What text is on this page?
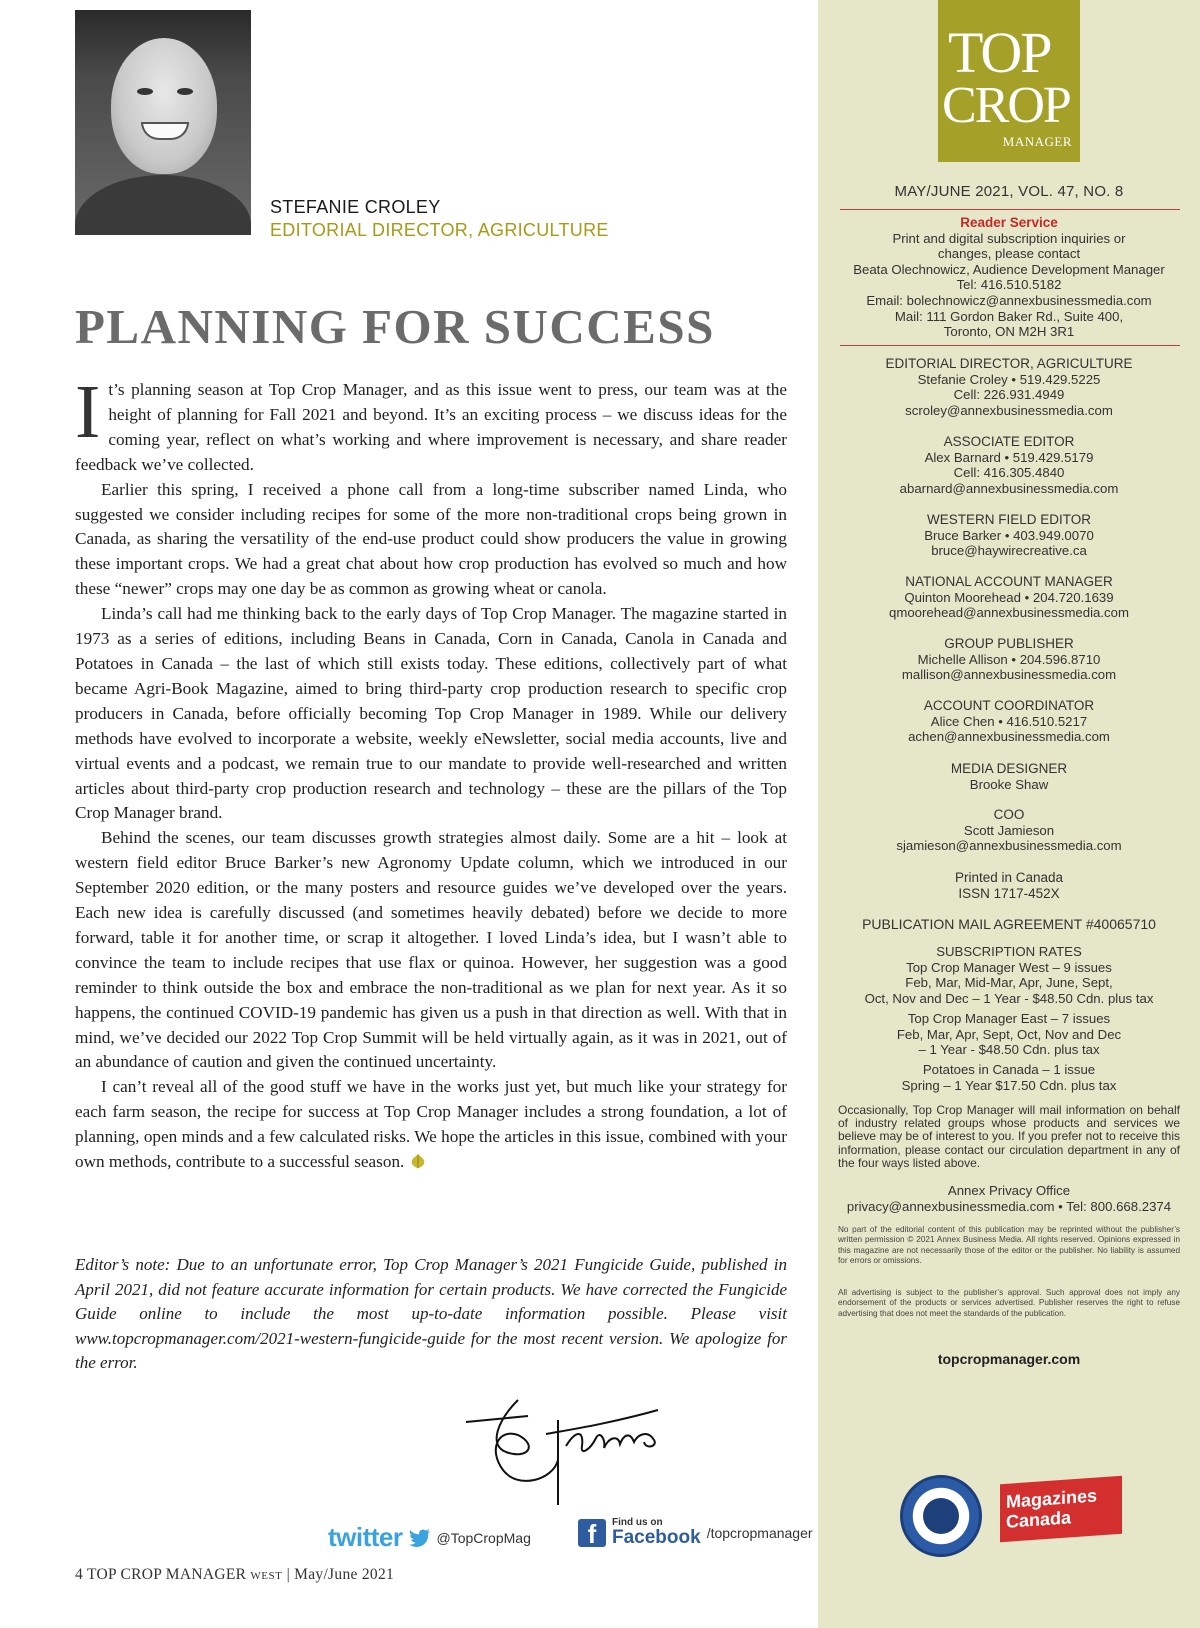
STEFANIE CROLEY
EDITORIAL DIRECTOR, AGRICULTURE
PLANNING FOR SUCCESS

It’s planning season at Top Crop Manager, and as this issue went to press, our team was at the height of planning for Fall 2021 and beyond. It’s an exciting process – we discuss ideas for the coming year, reflect on what’s working and where improvement is necessary, and share reader feedback we’ve collected.

Earlier this spring, I received a phone call from a long-time subscriber named Linda, who suggested we consider including recipes for some of the more non-traditional crops being grown in Canada, as sharing the versatility of the end-use product could show producers the value in growing these important crops. We had a great chat about how crop production has evolved so much and how these “newer” crops may one day be as common as growing wheat or canola.

Linda’s call had me thinking back to the early days of Top Crop Manager. The magazine started in 1973 as a series of editions, including Beans in Canada, Corn in Canada, Canola in Canada and Potatoes in Canada – the last of which still exists today. These editions, collectively part of what became Agri-Book Magazine, aimed to bring third-party crop production research to specific crop producers in Canada, before officially becoming Top Crop Manager in 1989. While our delivery methods have evolved to incorporate a website, weekly eNewsletter, social media accounts, live and virtual events and a podcast, we remain true to our mandate to provide well-researched and written articles about third-party crop production research and technology – these are the pillars of the Top Crop Manager brand.

Behind the scenes, our team discusses growth strategies almost daily. Some are a hit – look at western field editor Bruce Barker’s new Agronomy Update column, which we introduced in our September 2020 edition, or the many posters and resource guides we’ve developed over the years. Each new idea is carefully discussed (and sometimes heavily debated) before we decide to more forward, table it for another time, or scrap it altogether. I loved Linda’s idea, but I wasn’t able to convince the team to include recipes that use flax or quinoa. However, her suggestion was a good reminder to think outside the box and embrace the non-traditional as we plan for next year. As it so happens, the continued COVID-19 pandemic has given us a push in that direction as well. With that in mind, we’ve decided our 2022 Top Crop Summit will be held virtually again, as it was in 2021, out of an abundance of caution and given the continued uncertainty.

I can’t reveal all of the good stuff we have in the works just yet, but much like your strategy for each farm season, the recipe for success at Top Crop Manager includes a strong foundation, a lot of planning, open minds and a few calculated risks. We hope the articles in this issue, combined with your own methods, contribute to a successful season.

Editor’s note: Due to an unfortunate error, Top Crop Manager’s 2021 Fungicide Guide, published in April 2021, did not feature accurate information for certain products. We have corrected the Fungicide Guide online to include the most up-to-date information possible. Please visit www.topcropmanager.com/2021-western-fungicide-guide for the most recent version. We apologize for the error.
twitter @TopCropMag	f	Find us on
Facebook /topcropmanager
4 TOP CROP MANAGER WEST | May/June 2021
TOP
CROP
MANAGER
MAY/JUNE 2021, VOL. 47, NO. 8
Reader Service
Print and digital subscription inquiries or
changes, please contact
Beata Olechnowicz, Audience Development Manager
Tel: 416.510.5182
Email: bolechnowicz@annexbusinessmedia.com
Mail: 111 Gordon Baker Rd., Suite 400,
Toronto, ON M2H 3R1
EDITORIAL DIRECTOR, AGRICULTURE
Stefanie Croley • 519.429.5225
Cell: 226.931.4949
scroley@annexbusinessmedia.com
ASSOCIATE EDITOR
Alex Barnard • 519.429.5179
Cell: 416.305.4840
abarnard@annexbusinessmedia.com
WESTERN FIELD EDITOR
Bruce Barker • 403.949.0070
bruce@haywirecreative.ca
NATIONAL ACCOUNT MANAGER
Quinton Moorehead • 204.720.1639
qmoorehead@annexbusinessmedia.com
GROUP PUBLISHER
Michelle Allison • 204.596.8710
mallison@annexbusinessmedia.com
ACCOUNT COORDINATOR
Alice Chen • 416.510.5217
achen@annexbusinessmedia.com
MEDIA DESIGNER
Brooke Shaw
COO
Scott Jamieson
sjamieson@annexbusinessmedia.com
Printed in Canada
ISSN 1717-452X
PUBLICATION MAIL AGREEMENT #40065710
SUBSCRIPTION RATES
Top Crop Manager West – 9 issues
Feb, Mar, Mid-Mar, Apr, June, Sept,
Oct, Nov and Dec – 1 Year - $48.50 Cdn. plus tax
Top Crop Manager East – 7 issues
Feb, Mar, Apr, Sept, Oct, Nov and Dec
– 1 Year - $48.50 Cdn. plus tax
Potatoes in Canada – 1 issue
Spring – 1 Year $17.50 Cdn. plus tax
Occasionally, Top Crop Manager will mail information on behalf of industry related groups whose products and services we believe may be of interest to you. If you prefer not to receive this information, please contact our circulation department in any of the four ways listed above.
Annex Privacy Office
privacy@annexbusinessmedia.com • Tel: 800.668.2374
No part of the editorial content of this publication may be reprinted without the publisher’s written permission © 2021 Annex Business Media. All rights reserved. Opinions expressed in this magazine are not necessarily those of the editor or the publisher. No liability is assumed for errors or omissions.
All advertising is subject to the publisher’s approval. Such approval does not imply any endorsement of the products or services advertised. Publisher reserves the right to refuse advertising that does not meet the standards of the publication.
topcropmanager.com
Magazines Canada
